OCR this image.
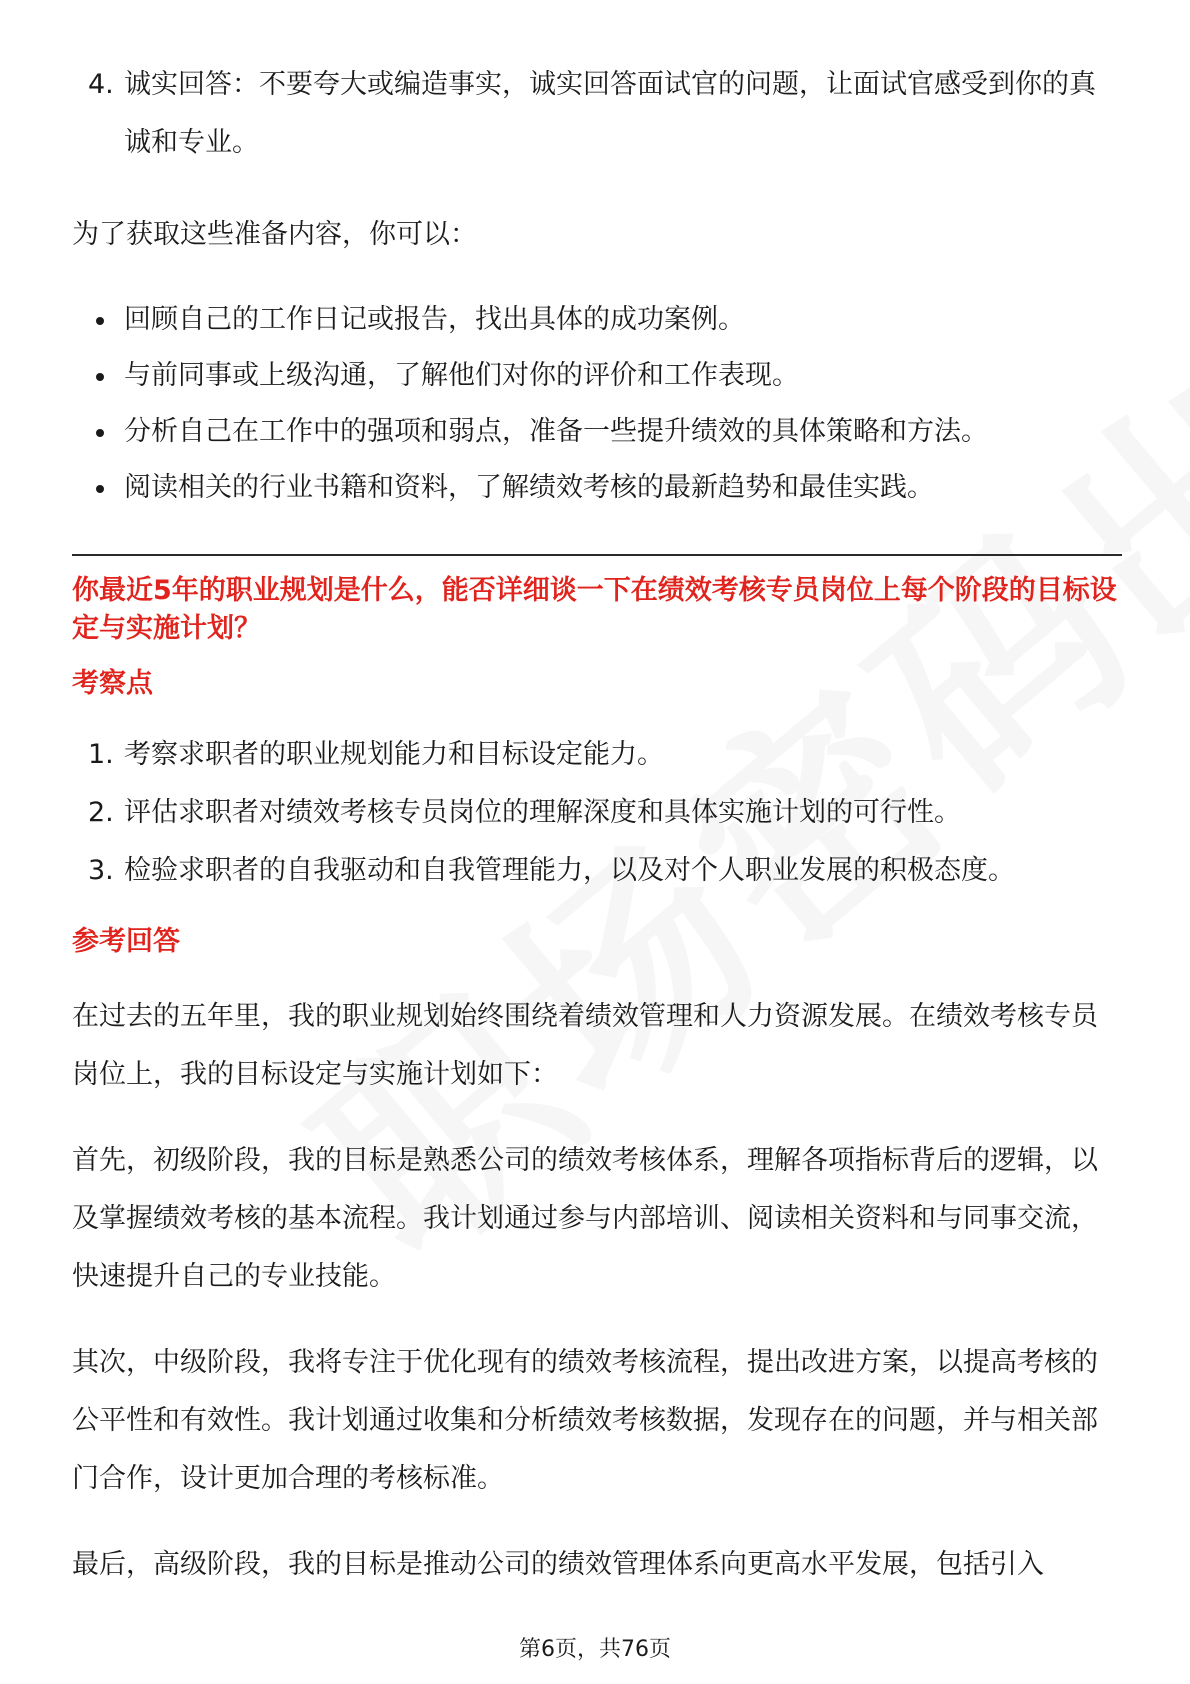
4. 诚实回答：不要夸大或编造事实，诚实回答面试官的问题，让面试官感受到你的真诚和专业。

为了获取这些准备内容，你可以：

回顾自己的工作日记或报告，找出具体的成功案例。
与前同事或上级沟通，了解他们对你的评价和工作表现。
分析自己在工作中的强项和弱点，准备一些提升绩效的具体策略和方法。
阅读相关的行业书籍和资料，了解绩效考核的最新趋势和最佳实践。

你最近5年的职业规划是什么，能否详细谈一下在绩效考核专员岗位上每个阶段的目标设定与实施计划？

考察点

1. 考察求职者的职业规划能力和目标设定能力。
2. 评估求职者对绩效考核专员岗位的理解深度和具体实施计划的可行性。
3. 检验求职者的自我驱动和自我管理能力，以及对个人职业发展的积极态度。

参考回答

在过去的五年里，我的职业规划始终围绕着绩效管理和人力资源发展。在绩效考核专员岗位上，我的目标设定与实施计划如下：

首先，初级阶段，我的目标是熟悉公司的绩效考核体系，理解各项指标背后的逻辑，以及掌握绩效考核的基本流程。我计划通过参与内部培训、阅读相关资料和与同事交流，快速提升自己的专业技能。

其次，中级阶段，我将专注于优化现有的绩效考核流程，提出改进方案，以提高考核的公平性和有效性。我计划通过收集和分析绩效考核数据，发现存在的问题，并与相关部门合作，设计更加合理的考核标准。

最后，高级阶段，我的目标是推动公司的绩效管理体系向更高水平发展，包括引入

第6页，共76页
